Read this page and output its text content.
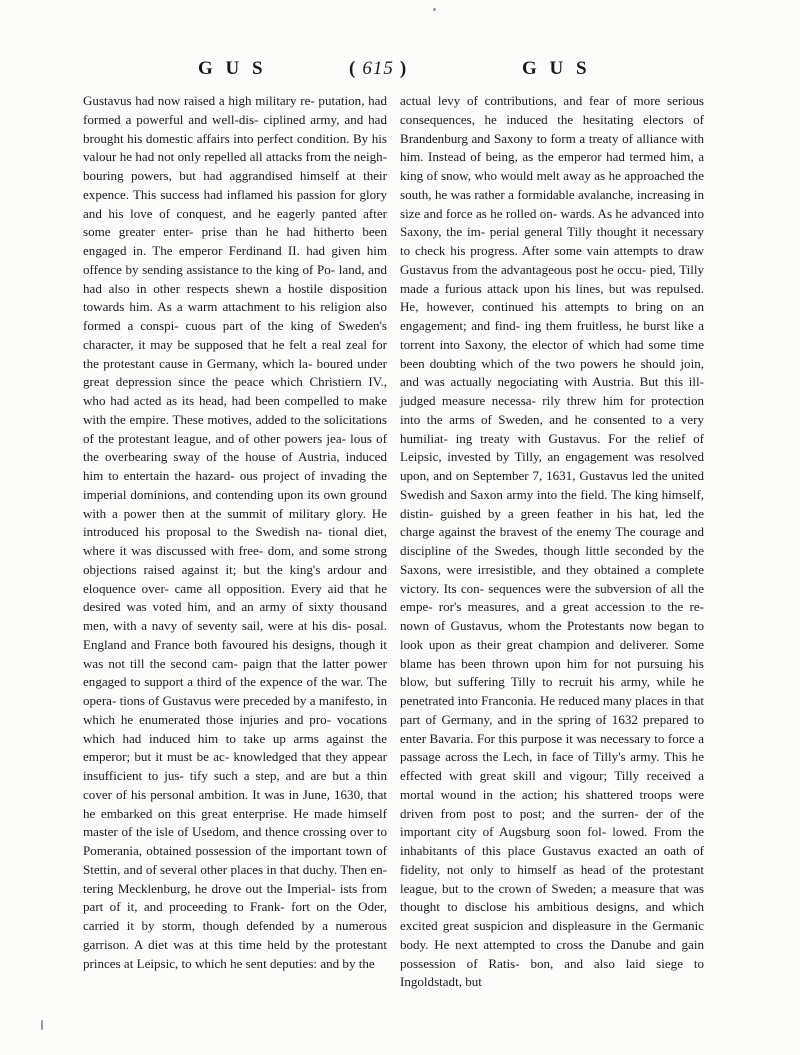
G U S	( 615 )	G U S

Gustavus had now raised a high military re- putation, had formed a powerful and well-dis- ciplined army, and had brought his domestic affairs into perfect condition. By his valour he had not only repelled all attacks from the neigh- bouring powers, but had aggrandised himself at their expence. This success had inflamed his passion for glory and his love of conquest, and he eagerly panted after some greater enter- prise than he had hitherto been engaged in. The emperor Ferdinand II. had given him offence by sending assistance to the king of Po- land, and had also in other respects shewn a hostile disposition towards him. As a warm attachment to his religion also formed a conspi- cuous part of the king of Sweden's character, it may be supposed that he felt a real zeal for the protestant cause in Germany, which la- boured under great depression since the peace which Christiern IV., who had acted as its head, had been compelled to make with the empire. These motives, added to the solicitations of the protestant league, and of other powers jea- lous of the overbearing sway of the house of Austria, induced him to entertain the hazard- ous project of invading the imperial dominions, and contending upon its own ground with a power then at the summit of military glory. He introduced his proposal to the Swedish na- tional diet, where it was discussed with free- dom, and some strong objections raised against it; but the king's ardour and eloquence over- came all opposition. Every aid that he desired was voted him, and an army of sixty thousand men, with a navy of seventy sail, were at his dis- posal. England and France both favoured his designs, though it was not till the second cam- paign that the latter power engaged to support a third of the expence of the war. The opera- tions of Gustavus were preceded by a manifesto, in which he enumerated those injuries and pro- vocations which had induced him to take up arms against the emperor; but it must be ac- knowledged that they appear insufficient to jus- tify such a step, and are but a thin cover of his personal ambition. It was in June, 1630, that he embarked on this great enterprise. He made himself master of the isle of Usedom, and thence crossing over to Pomerania, obtained possession of the important town of Stettin, and of several other places in that duchy. Then en- tering Mecklenburg, he drove out the Imperial- ists from part of it, and proceeding to Frank- fort on the Oder, carried it by storm, though defended by a numerous garrison. A diet was at this time held by the protestant princes at Leipsic, to which he sent deputies: and by the

actual levy of contributions, and fear of more serious consequences, he induced the hesitating electors of Brandenburg and Saxony to form a treaty of alliance with him. Instead of being, as the emperor had termed him, a king of snow, who would melt away as he approached the south, he was rather a formidable avalanche, increasing in size and force as he rolled on- wards. As he advanced into Saxony, the im- perial general Tilly thought it necessary to check his progress. After some vain attempts to draw Gustavus from the advantageous post he occu- pied, Tilly made a furious attack upon his lines, but was repulsed. He, however, continued his attempts to bring on an engagement; and find- ing them fruitless, he burst like a torrent into Saxony, the elector of which had some time been doubting which of the two powers he should join, and was actually negociating with Austria. But this ill-judged measure necessa- rily threw him for protection into the arms of Sweden, and he consented to a very humiliat- ing treaty with Gustavus. For the relief of Leipsic, invested by Tilly, an engagement was resolved upon, and on September 7, 1631, Gustavus led the united Swedish and Saxon army into the field. The king himself, distin- guished by a green feather in his hat, led the charge against the bravest of the enemy The courage and discipline of the Swedes, though little seconded by the Saxons, were irresistible, and they obtained a complete victory. Its con- sequences were the subversion of all the empe- ror's measures, and a great accession to the re- nown of Gustavus, whom the Protestants now began to look upon as their great champion and deliverer. Some blame has been thrown upon him for not pursuing his blow, but suffering Tilly to recruit his army, while he penetrated into Franconia. He reduced many places in that part of Germany, and in the spring of 1632 prepared to enter Bavaria. For this purpose it was necessary to force a passage across the Lech, in face of Tilly's army. This he effected with great skill and vigour; Tilly received a mortal wound in the action; his shattered troops were driven from post to post; and the surren- der of the important city of Augsburg soon fol- lowed. From the inhabitants of this place Gustavus exacted an oath of fidelity, not only to himself as head of the protestant league, but to the crown of Sweden; a measure that was thought to disclose his ambitious designs, and which excited great suspicion and displeasure in the Germanic body. He next attempted to cross the Danube and gain possession of Ratis- bon, and also laid siege to Ingoldstadt, but
